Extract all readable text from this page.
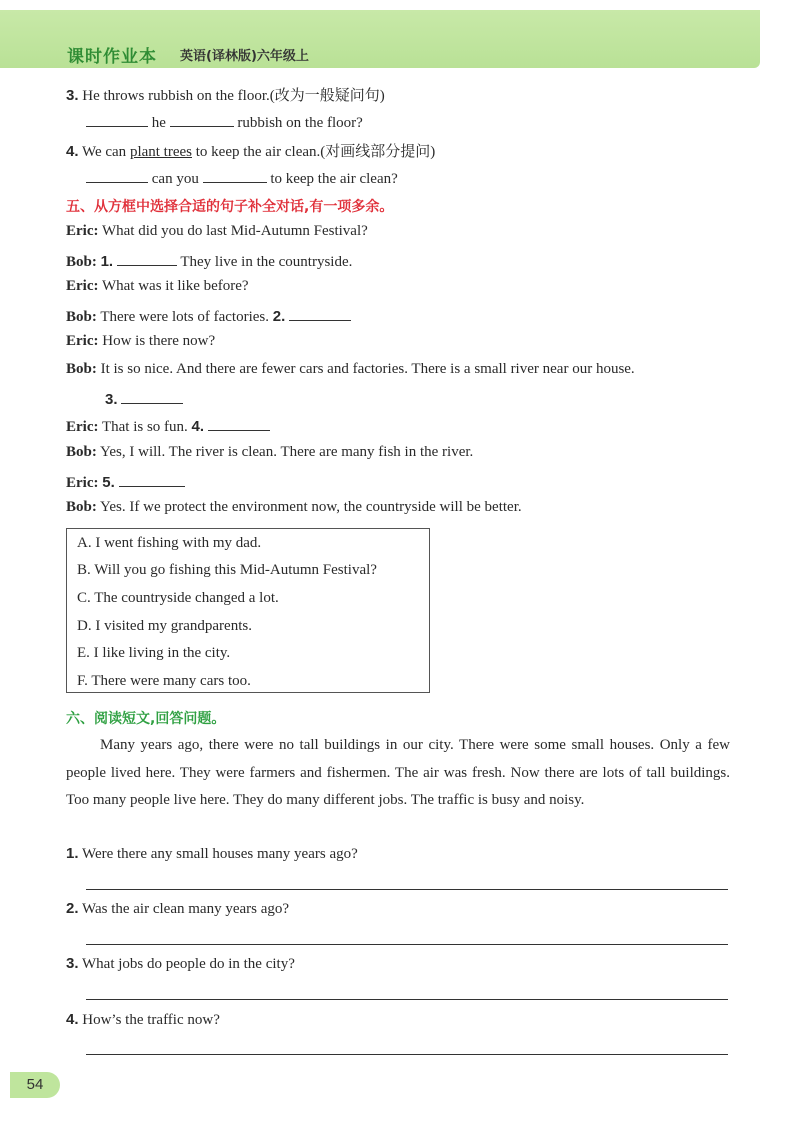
课时作业本 英语(译林版)六年级上
3. He throws rubbish on the floor.(改为一般疑问句)
he	rubbish on the floor?
4. We can plant trees to keep the air clean.(对画线部分提问)
can you	to keep the air clean?
五、从方框中选择合适的句子补全对话,有一项多余。
Eric: What did you do last Mid-Autumn Festival?
Bob: 1.	They live in the countryside.
Eric: What was it like before?
Bob: There were lots of factories. 2.
Eric: How is there now?
Bob: It is so nice. And there are fewer cars and factories. There is a small river near our house.
3.
Eric: That is so fun. 4.
Bob: Yes, I will. The river is clean. There are many fish in the river.
Eric: 5.
Bob: Yes. If we protect the environment now, the countryside will be better.
A. I went fishing with my dad.
B. Will you go fishing this Mid-Autumn Festival?
C. The countryside changed a lot.
D. I visited my grandparents.
E. I like living in the city.
F. There were many cars too.
六、阅读短文,回答问题。
Many years ago, there were no tall buildings in our city. There were some small houses. Only a few people lived here. They were farmers and fishermen. The air was fresh. Now there are lots of tall buildings. Too many people live here. They do many different jobs. The traffic is busy and noisy.
1. Were there any small houses many years ago?
2. Was the air clean many years ago?
3. What jobs do people do in the city?
4. How’s the traffic now?
54
